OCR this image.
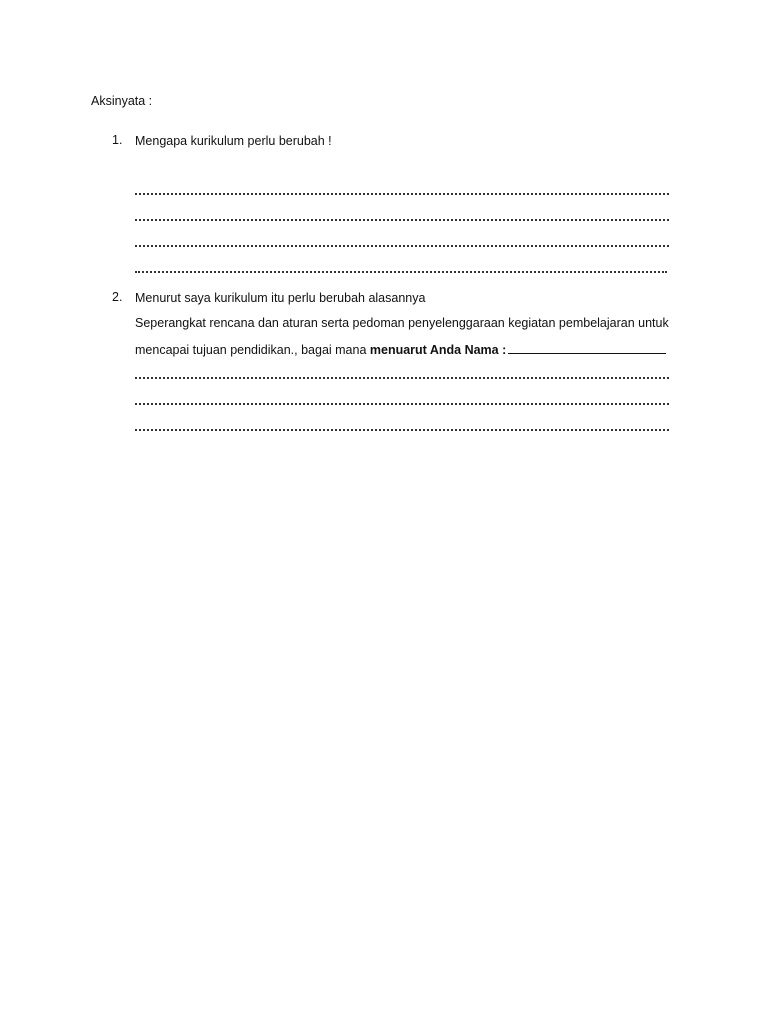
Aksinyata :
1. Mengapa kurikulum perlu berubah !
2. Menurut saya kurikulum itu perlu berubah alasannya
Seperangkat rencana dan aturan serta pedoman penyelenggaraan kegiatan pembelajaran untuk
mencapai tujuan pendidikan., bagai mana menuarut Anda Nama :
